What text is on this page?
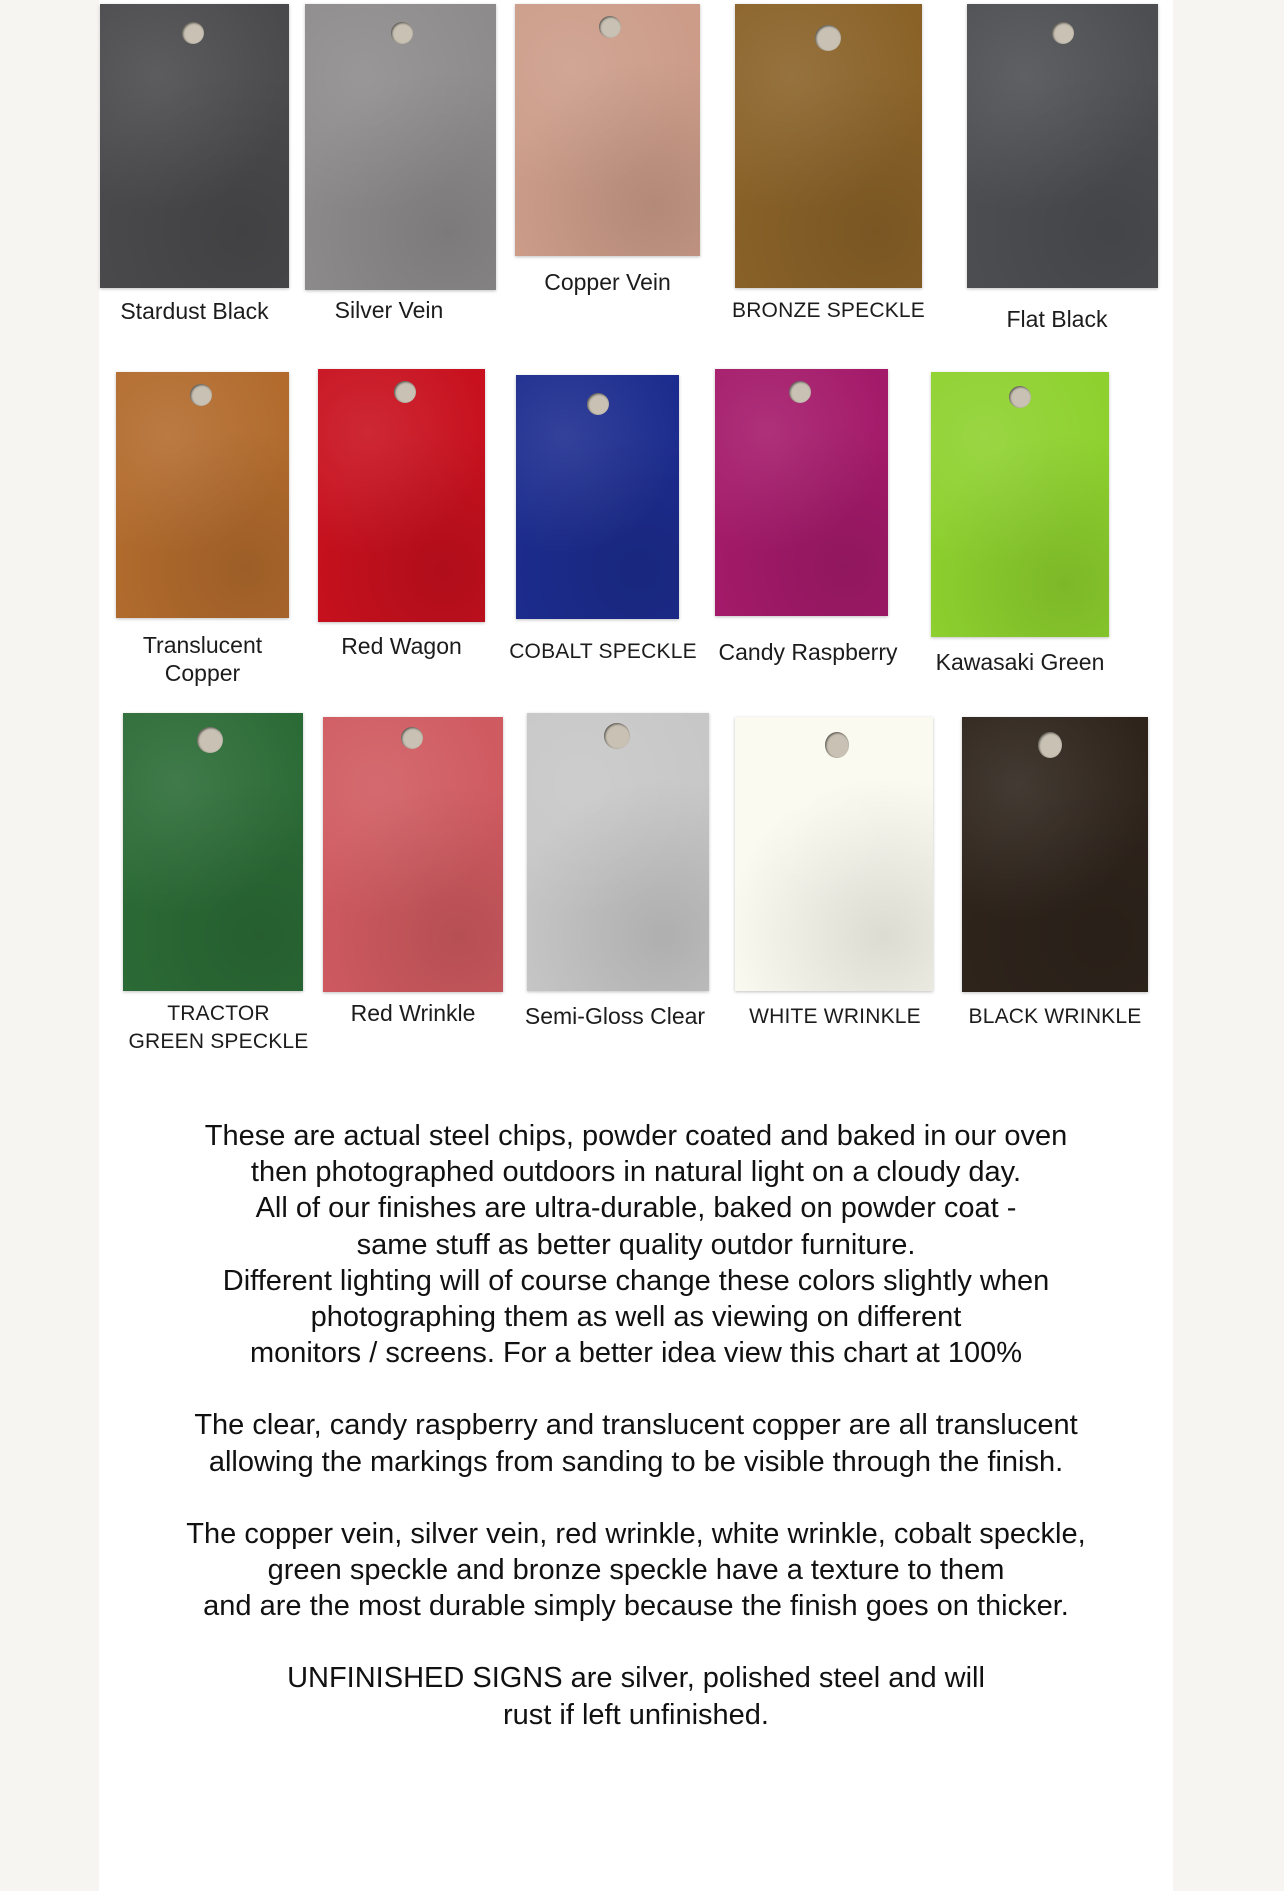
Stardust Black	Silver Vein
Copper Vein
BRONZE SPECKLE	Flat Black
Translucent
Copper
Red Wagon	COBALT SPECKLE Candy Raspberry	Kawasaki Green
TRACTOR
GREEN SPECKLE
Red Wrinkle	Semi-Gloss Clear	WHITE WRINKLE	BLACK WRINKLE

These are actual steel chips, powder coated and baked in our oven
then photographed outdoors in natural light on a cloudy day.
All of our finishes are ultra-durable, baked on powder coat -
same stuff as better quality outdor furniture.
Different lighting will of course change these colors slightly when
photographing them as well as viewing on different
monitors / screens. For a better idea view this chart at 100%

The clear, candy raspberry and translucent copper are all translucent
allowing the markings from sanding to be visible through the finish.

The copper vein, silver vein, red wrinkle, white wrinkle, cobalt speckle,
green speckle and bronze speckle have a texture to them
and are the most durable simply because the finish goes on thicker.

UNFINISHED SIGNS are silver, polished steel and will
rust if left unfinished.
